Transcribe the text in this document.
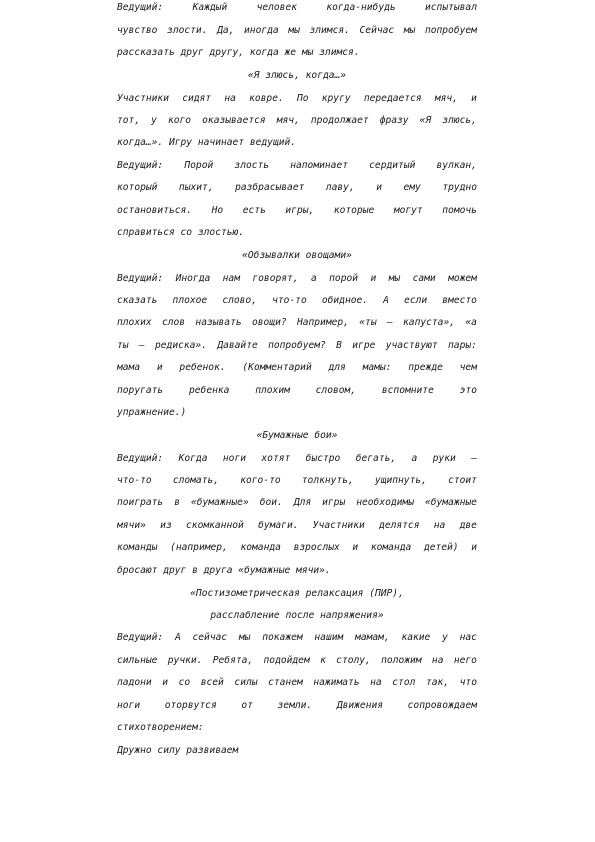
Ведущий:	Каждый	человек	когда-нибудь	испытывал
чувство злости. Да, иногда мы злимся. Сейчас мы попробуем
рассказать друг другу, когда же мы злимся.
«Я злюсь, когда…»
Участники сидят на ковре. По кругу передается мяч, и
тот, у кого оказывается мяч, продолжает фразу «Я злюсь,
когда…». Игру начинает ведущий.
Ведущий: Порой злость напоминает сердитый вулкан,
который пыхит, разбрасывает лаву, и ему трудно
остановиться. Но есть игры, которые могут помочь
справиться со злостью.
«Обзывалки овощами»
Ведущий: Иногда нам говорят, а порой и мы сами можем
сказать плохое слово, что-то обидное. А если вместо
плохих слов называть овощи? Например, «ты – капуста», «а
ты – редиска». Давайте попробуем? В игре участвуют пары:
мама и ребенок. (Комментарий для мамы: прежде чем
поругать	ребенка	плохим	словом,	вспомните	это
упражнение.)
«Бумажные бои»
Ведущий: Когда ноги хотят быстро бегать, а руки –
что-то сломать, кого-то толкнуть, ущипнуть, стоит
поиграть в «бумажные» бои. Для игры необходимы «бумажные
мячи» из скомканной бумаги. Участники делятся на две
команды (например, команда взрослых и команда детей) и
бросают друг в друга «бумажные мячи».
«Постизометрическая релаксация (ПИР),
расслабление после напряжения»
Ведущий: А сейчас мы покажем нашим мамам, какие у нас
сильные ручки. Ребята, подойдем к столу, положим на него
ладони и со всей силы станем нажимать на стол так, что
ноги	оторвутся	от	земли.	Движения	сопровождаем
стихотворением:
Дружно силу развиваем
